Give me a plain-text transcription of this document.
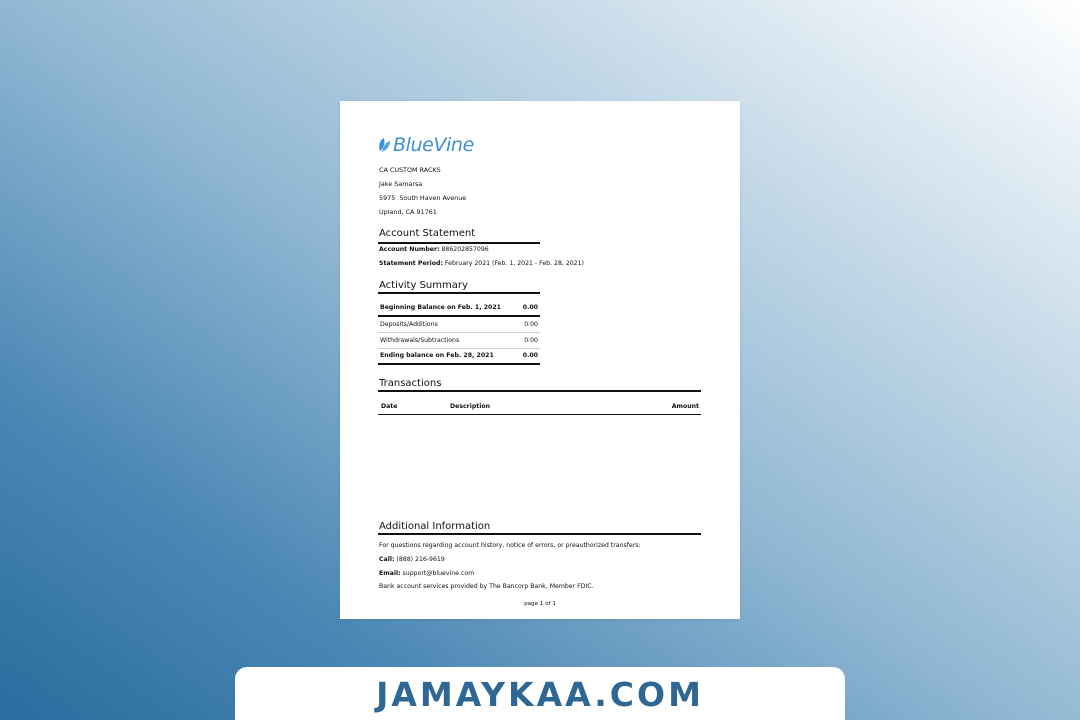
BlueVine
CA CUSTOM RACKS
Jake Samarsa
5975  South Haven Avenue
Upland, CA 91761
Account Statement
Account Number: 886202857096
Statement Period: February 2021 (Feb. 1, 2021 - Feb. 28, 2021)
Activity Summary
Beginning Balance on Feb. 1, 2021	0.00
Deposits/Additions	0.00
Withdrawals/Subtractions	0.00
Ending balance on Feb. 28, 2021	0.00
Transactions
Date	Description	Amount
Additional Information
For questions regarding account history, notice of errors, or preauthorized transfers:
Call: (888) 216-9619
Email: support@bluevine.com
Bank account services provided by The Bancorp Bank, Member FDIC.
page 1 of 1
JAMAYKAA.COM
